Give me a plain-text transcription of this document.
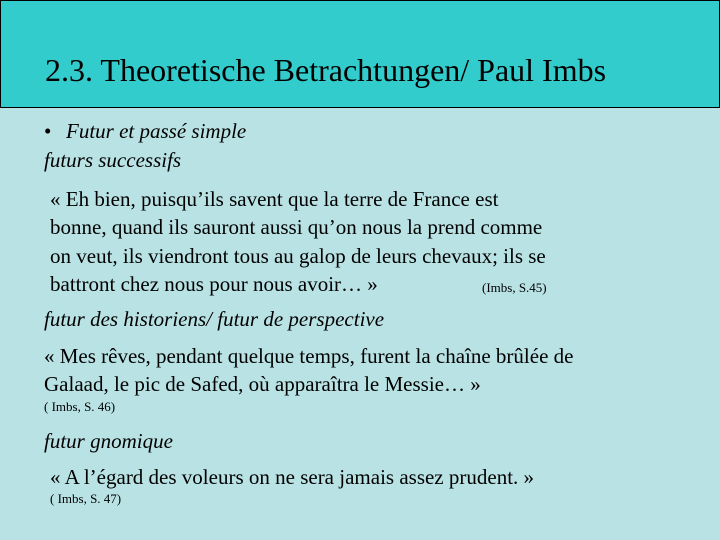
2.3. Theoretische Betrachtungen/ Paul Imbs
• Futur et passé simple
futurs successifs
« Eh bien, puisqu’ils savent que la terre de France est
bonne, quand ils sauront aussi qu’on nous la prend comme
on veut, ils viendront tous au galop de leurs chevaux; ils se
battront chez nous pour nous avoir… »	(Imbs, S.45)
futur des historiens/ futur de perspective
« Mes rêves, pendant quelque temps, furent la chaîne brûlée de
Galaad, le pic de Safed, où apparaîtra le Messie… »
( Imbs, S. 46)
futur gnomique
« A l’égard des voleurs on ne sera jamais assez prudent. »
( Imbs, S. 47)
